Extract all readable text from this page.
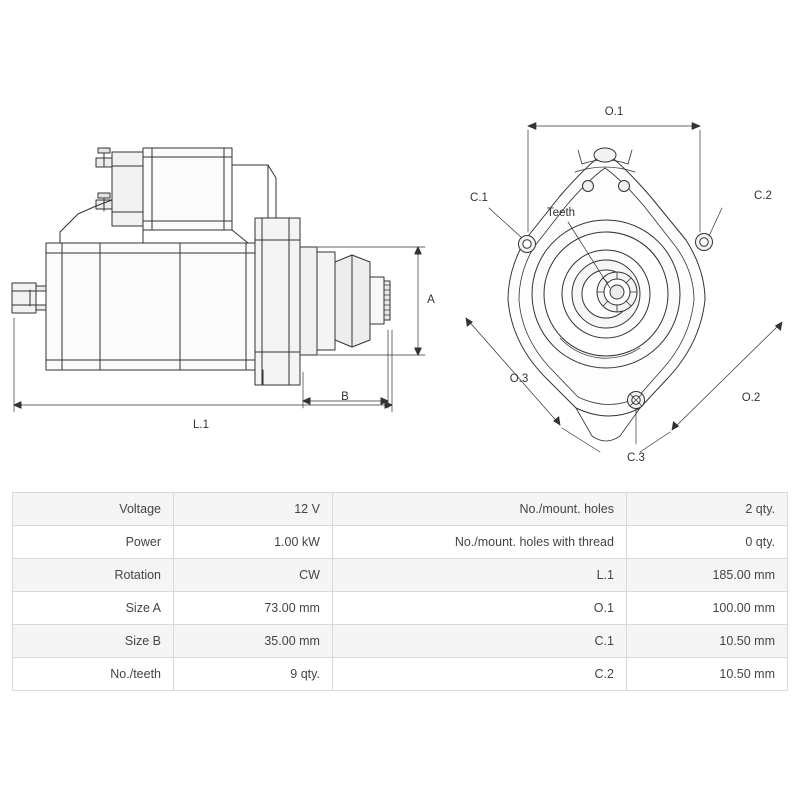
L.1
B
A
O.1
C.1	C.2
C.3
O.3
O.2
Teeth
Voltage	12 V	No./mount. holes	2 qty.
Power	1.00 kW	No./mount. holes with thread	0 qty.
Rotation	CW	L.1	185.00 mm
Size A	73.00 mm	O.1	100.00 mm
Size B	35.00 mm	C.1	10.50 mm
No./teeth	9 qty.	C.2	10.50 mm
